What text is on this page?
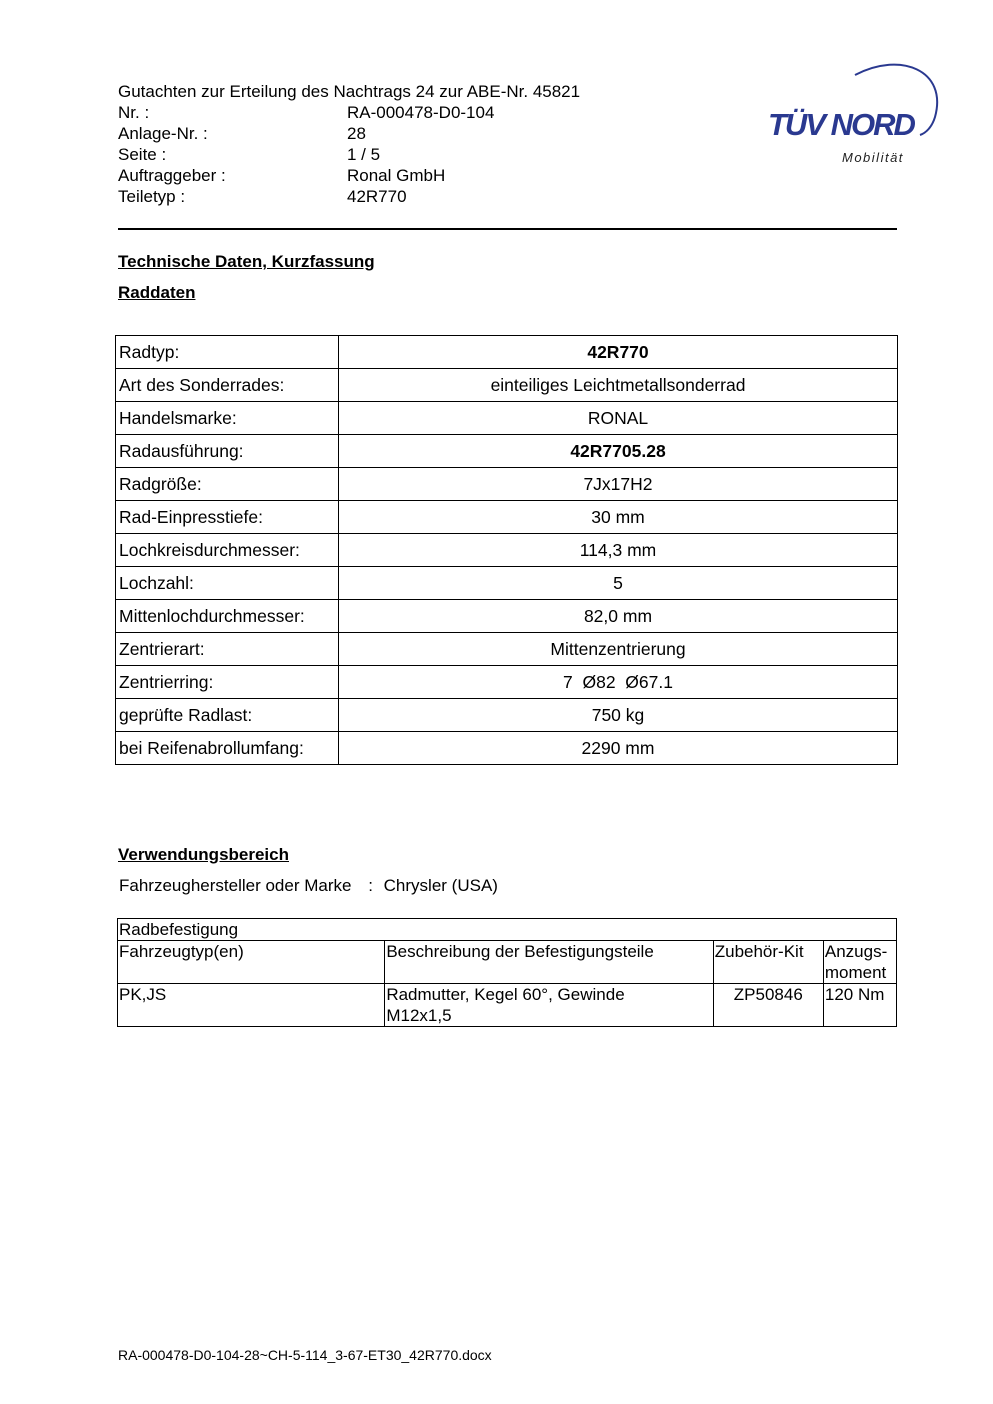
Gutachten zur Erteilung des Nachtrags 24 zur ABE-Nr. 45821
Nr. :	RA-000478-D0-104
Anlage-Nr. :	28
Seite :	1 / 5
Auftraggeber :	Ronal GmbH
Teiletyp :	42R770
TÜV NORD
Mobilität
Technische Daten, Kurzfassung
Raddaten
Radtyp:	42R770
Art des Sonderrades:	einteiliges Leichtmetallsonderrad
Handelsmarke:	RONAL
Radausführung:	42R7705.28
Radgröße:	7Jx17H2
Rad-Einpresstiefe:	30 mm
Lochkreisdurchmesser:	114,3 mm
Lochzahl:	5
Mittenlochdurchmesser:	82,0 mm
Zentrierart:	Mittenzentrierung
Zentrierring:	7  Ø82  Ø67.1
geprüfte Radlast:	750 kg
bei Reifenabrollumfang:	2290 mm
Verwendungsbereich
Fahrzeughersteller oder Marke : Chrysler (USA)
Radbefestigung			
Fahrzeugtyp(en)	Beschreibung der Befestigungsteile	Zubehör-Kit	Anzugs-
moment

PK,JS	Radmutter, Kegel 60°, Gewinde M12x1,5	ZP50846	120 Nm
RA-000478-D0-104-28~CH-5-114_3-67-ET30_42R770.docx
